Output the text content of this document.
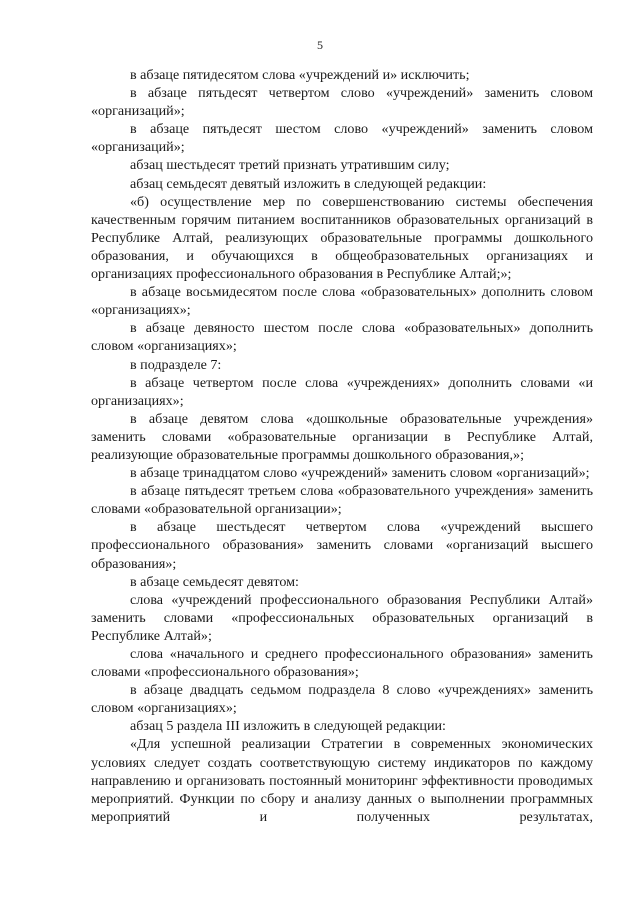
5

в абзаце пятидесятом слова «учреждений и» исключить;

в абзаце пятьдесят четвертом слово «учреждений» заменить словом «организаций»;

в абзаце пятьдесят шестом слово «учреждений» заменить словом «организаций»;

абзац шестьдесят третий признать утратившим силу;

абзац семьдесят девятый изложить в следующей редакции:

«б) осуществление мер по совершенствованию системы обеспечения качественным горячим питанием воспитанников образовательных организаций в Республике Алтай, реализующих образовательные программы дошкольного образования, и обучающихся в общеобразовательных организациях и организациях профессионального образования в Республике Алтай;»;

в абзаце восьмидесятом после слова «образовательных» дополнить словом «организациях»;

в абзаце девяносто шестом после слова «образовательных» дополнить словом «организациях»;

в подразделе 7:

в абзаце четвертом после слова «учреждениях» дополнить словами «и организациях»;

в абзаце девятом слова «дошкольные образовательные учреждения» заменить словами «образовательные организации в Республике Алтай, реализующие образовательные программы дошкольного образования,»;

в абзаце тринадцатом слово «учреждений» заменить словом «организаций»;

в абзаце пятьдесят третьем слова «образовательного учреждения» заменить словами «образовательной организации»;

в абзаце шестьдесят четвертом слова «учреждений высшего профессионального образования» заменить словами «организаций высшего образования»;

в абзаце семьдесят девятом:

слова «учреждений профессионального образования Республики Алтай» заменить словами «профессиональных образовательных организаций в Республике Алтай»;

слова «начального и среднего профессионального образования» заменить словами «профессионального образования»;

в абзаце двадцать седьмом подраздела 8 слово «учреждениях» заменить словом «организациях»;

абзац 5 раздела III изложить в следующей редакции:

«Для успешной реализации Стратегии в современных экономических условиях следует создать соответствующую систему индикаторов по каждому направлению и организовать постоянный мониторинг эффективности проводимых мероприятий. Функции по сбору и анализу данных о выполнении программных мероприятий и полученных результатах,
